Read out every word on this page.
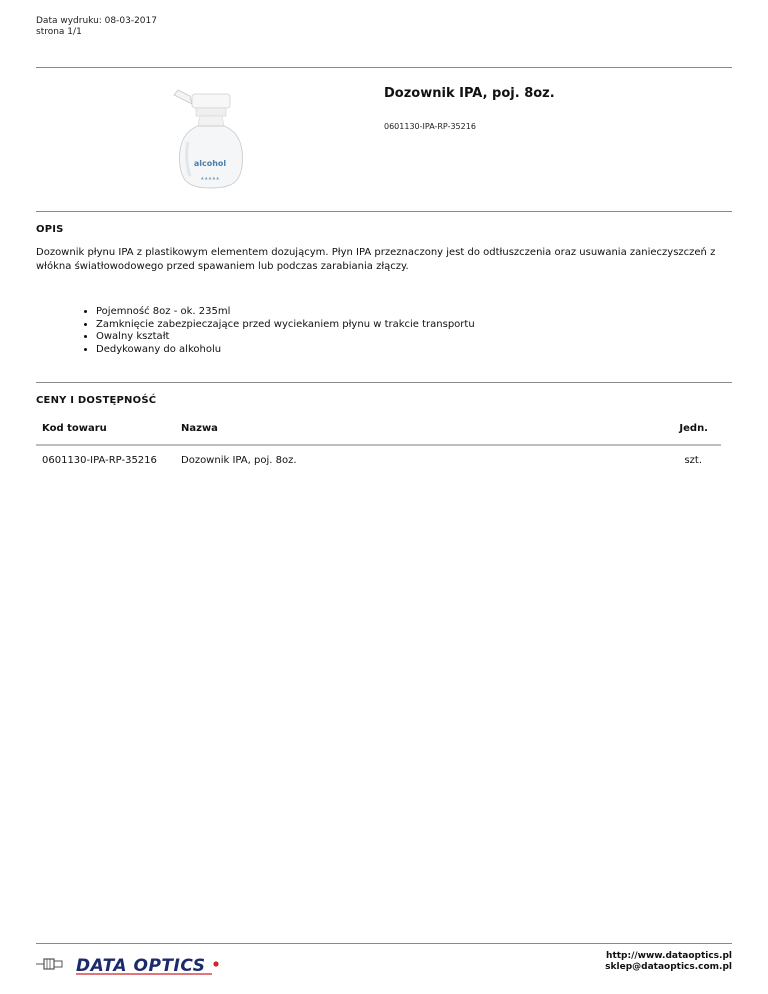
Data wydruku: 08-03-2017
strona 1/1
alcohol
▲ ▲ ▲ ▲ ▲
Dozownik IPA, poj. 8oz.
0601130-IPA-RP-35216
OPIS
Dozownik płynu IPA z plastikowym elementem dozującym. Płyn IPA przeznaczony jest do odtłuszczenia oraz usuwania zanieczyszczeń z włókna światłowodowego przed spawaniem lub podczas zarabiania złączy.
• Pojemność 8oz - ok. 235ml
• Zamknięcie zabezpieczające przed wyciekaniem płynu w trakcie transportu
• Owalny kształt
• Dedykowany do alkoholu
CENY I DOSTĘPNOŚĆ
Kod towaru	Nazwa	Jedn.
0601130-IPA-RP-35216 Dozownik IPA, poj. 8oz.	szt.
DATA OPTICS	http://www.dataoptics.pl
sklep@dataoptics.com.pl
